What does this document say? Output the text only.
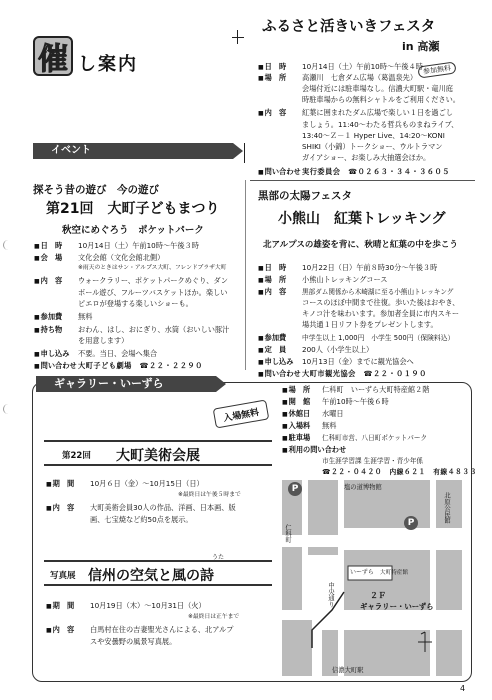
催 し案内
ふるさと活きいきフェスタ
in 高瀬
参加無料
■ 日　時 10月14日（土）午前10時〜午後４時
■ 場　所 高瀬川　七倉ダム広場（葛温泉先）
会場付近には駐車場なし。信濃大町駅・竜川庭
時駐車場からの無料シャトルをご利用ください。
■ 内　容 紅葉に囲まれたダム広場で楽しい１日を過ごし
ましょう。11:40〜わたる哲兵ものまねライブ、
13:40〜Ｚ－１ Hyper Live、14:20〜KONI
SHIKI（小錦）トークショー、ウルトラマン
ガイアショー、お楽しみ大抽選会ほか。
■ 問い合わせ実行委員会　☎０２６３・３４・３６０５
イベント
探そう昔の遊び　今の遊び
第21回　大町子どもまつり
秋空にめぐろう　ポケットパーク
■ 日　時 10月14日（土）午前10時〜午後３時
■ 会　場 文化会館（文化会館北側）
※雨天のときはサン・アルプス大町、フレンドプラザ大町
■ 内　容 ウォークラリー、ポケットパークめぐり、ダン
ボール遊び、フルーツバスケットほか。楽しい
ピエロが登場する楽しいショーも。
■ 参加費 無料
■ 持ち物 おわん、はし、おにぎり、水筒（おいしい豚汁
を用意します）
■ 申し込み 不要。当日、会場へ集合
■ 問い合わせ大町子ども劇場　☎２２・２２９０
黒部の太陽フェスタ
小熊山　紅葉トレッキング
北アルプスの雄姿を背に、秋晴と紅葉の中を歩こう
■ 日　時 10月22日（日）午前８時30分〜午後３時
■ 場　所 小熊山トレッキングコース
■ 内　容 黒部ダム関係から木崎湖に至る小熊山トレッキング
コースのほぼ中間まで往復。歩いた後はおやき、
キノコ汁を味わいます。参加者全員に市内スキー
場共通１日リフト券をプレゼントします。
■ 参加費 中学生以上 1,000円　小学生 500円（保険料込）
■ 定　員 200人（小学生以上）
■ 申し込み 10月13日（金）までに観光協会へ
■ 問い合わせ大町市観光協会　☎２２・０１９０
ギャラリー・いーずら
入場無料
■ 場　所 仁科町　いーずら大町特産館２階
■ 開　館 午前10時〜午後６時
■ 休館日 水曜日
■ 入場料 無料
■ 駐車場 仁科町市営、八日町ポケットパーク
■ 利用の問い合わせ
市生涯学習課 生涯学習・青少年係
☎２２・０４２０　内線６２１　有線４８３３
第22回 大町美術会展
■ 期　間 10月６日（金）〜10月15日（日）
※最終日は午後５時まで
■ 内　容 大町美術会員30人の作品、洋画、日本画、版
画、七宝焼など約50点を展示。
写真展 信州の空気と風の詩
うた
■ 期　間 10月19日（木）〜10月31日（火）
※最終日は正午まで
■ 内　容 白馬村在住の吉妻聖光さんによる、北アルプ
スや安曇野の風景写真展。
P
P	塩の道博物館
北原公民館
仁科町
いーずら 大町特産館
２Ｆ
ギャラリー・いーずら
中央通り
信濃大町駅
4
